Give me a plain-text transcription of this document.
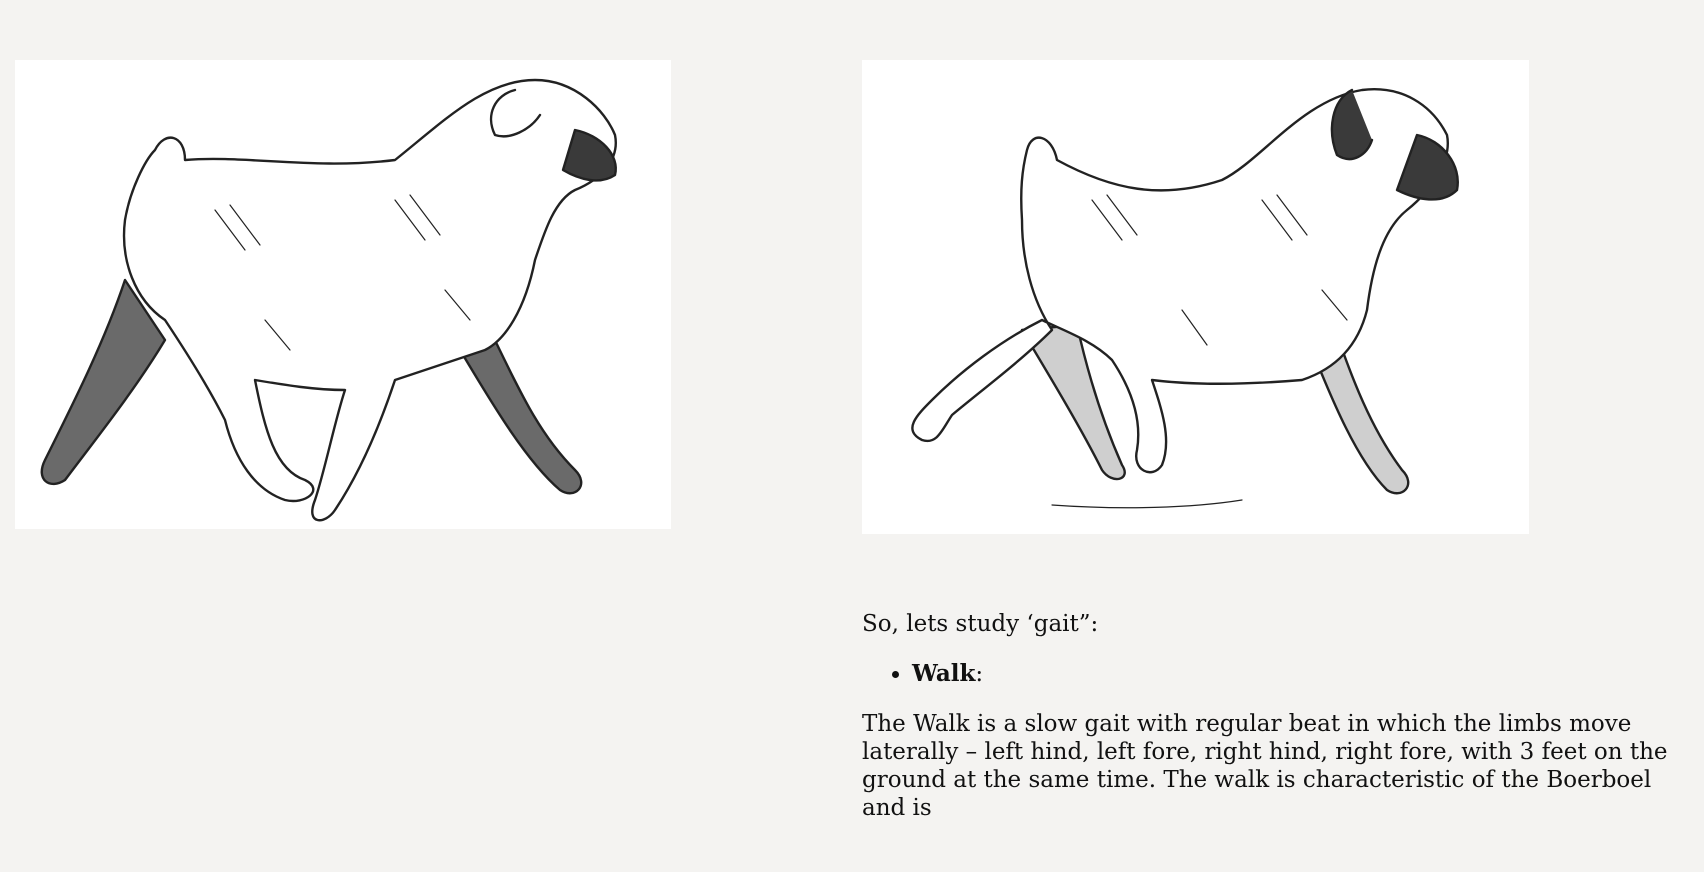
So, lets study ‘gait”:

• Walk:

The Walk is a slow gait with regular beat in which the limbs move laterally – left hind, left fore, right hind, right fore, with 3 feet on the ground at the same time. The walk is characteristic of the Boerboel and is
